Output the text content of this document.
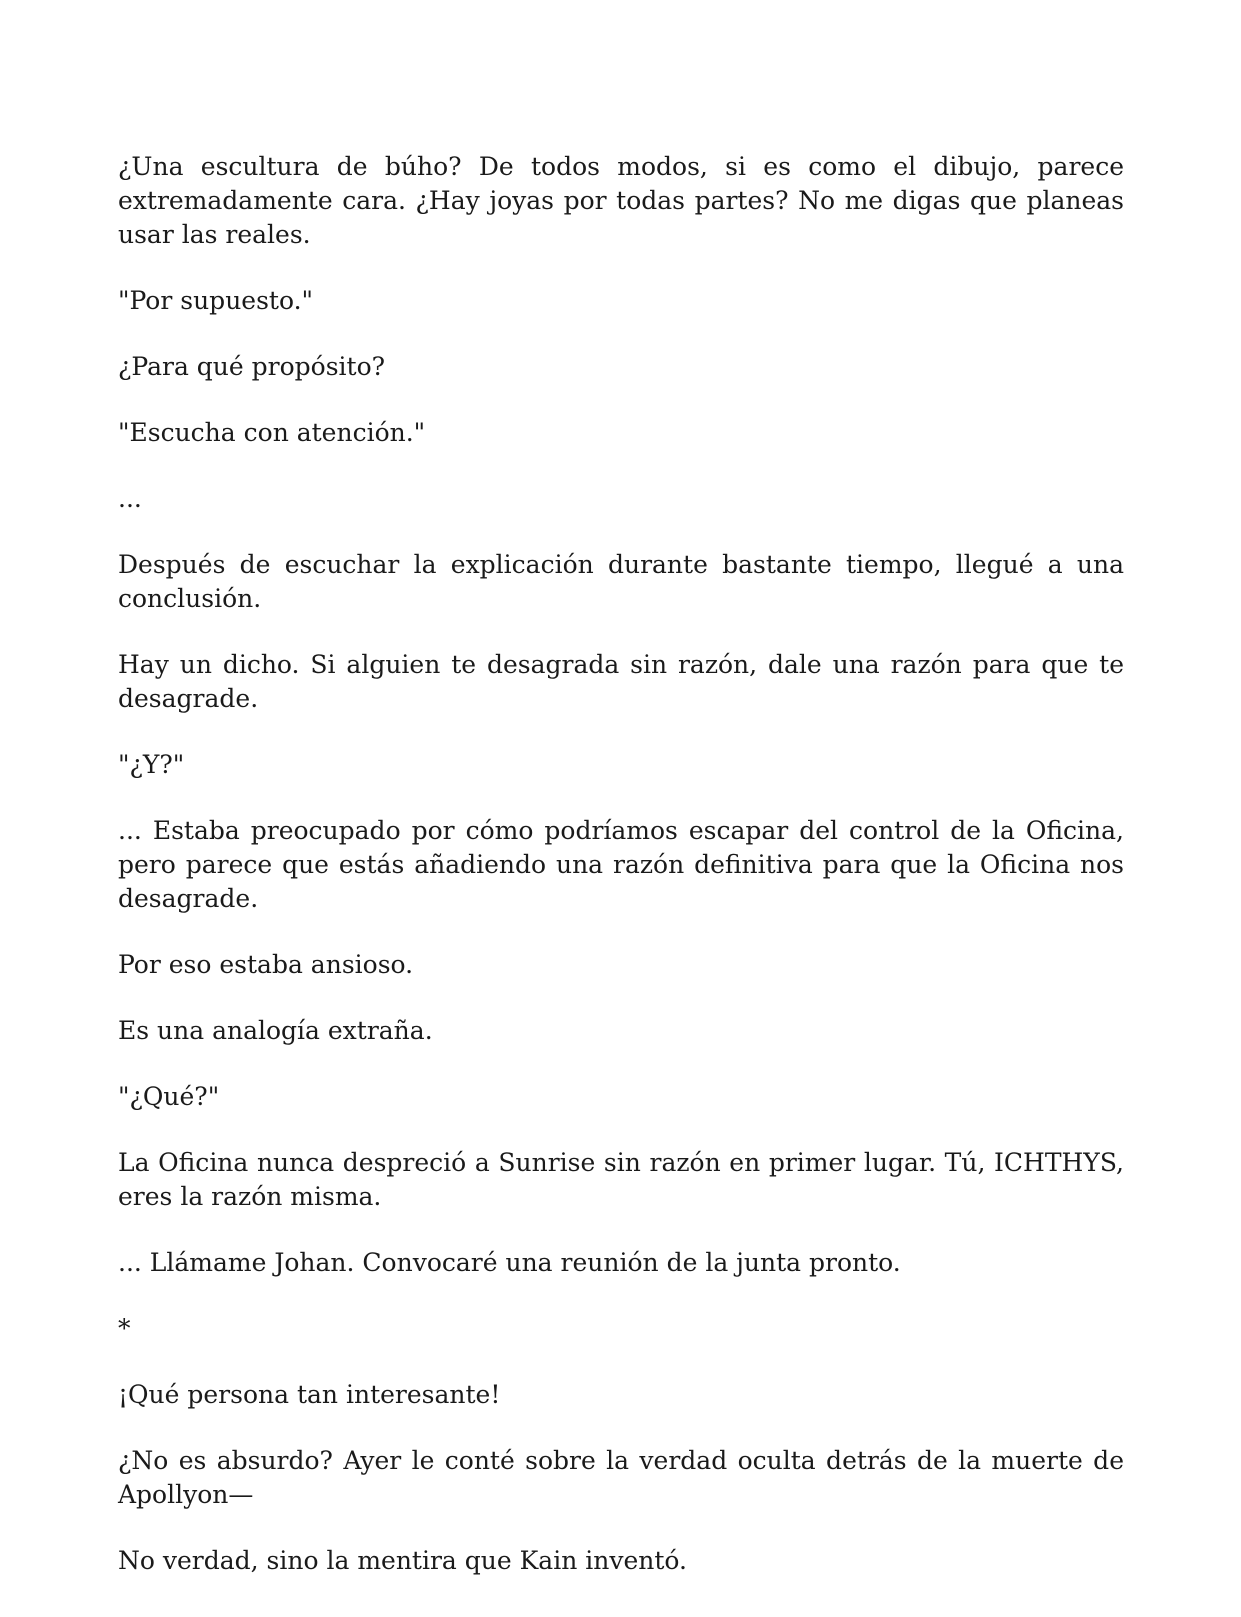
¿Una escultura de búho? De todos modos, si es como el dibujo, parece extremadamente cara. ¿Hay joyas por todas partes? No me digas que planeas usar las reales.

"Por supuesto."

¿Para qué propósito?

"Escucha con atención."

...

Después de escuchar la explicación durante bastante tiempo, llegué a una conclusión.

Hay un dicho. Si alguien te desagrada sin razón, dale una razón para que te desagrade.

"¿Y?"

... Estaba preocupado por cómo podríamos escapar del control de la Oficina, pero parece que estás añadiendo una razón definitiva para que la Oficina nos desagrade.

Por eso estaba ansioso.

Es una analogía extraña.

"¿Qué?"

La Oficina nunca despreció a Sunrise sin razón en primer lugar. Tú, ICHTHYS, eres la razón misma.

... Llámame Johan. Convocaré una reunión de la junta pronto.

*

¡Qué persona tan interesante!

¿No es absurdo? Ayer le conté sobre la verdad oculta detrás de la muerte de Apollyon—

No verdad, sino la mentira que Kain inventó.
